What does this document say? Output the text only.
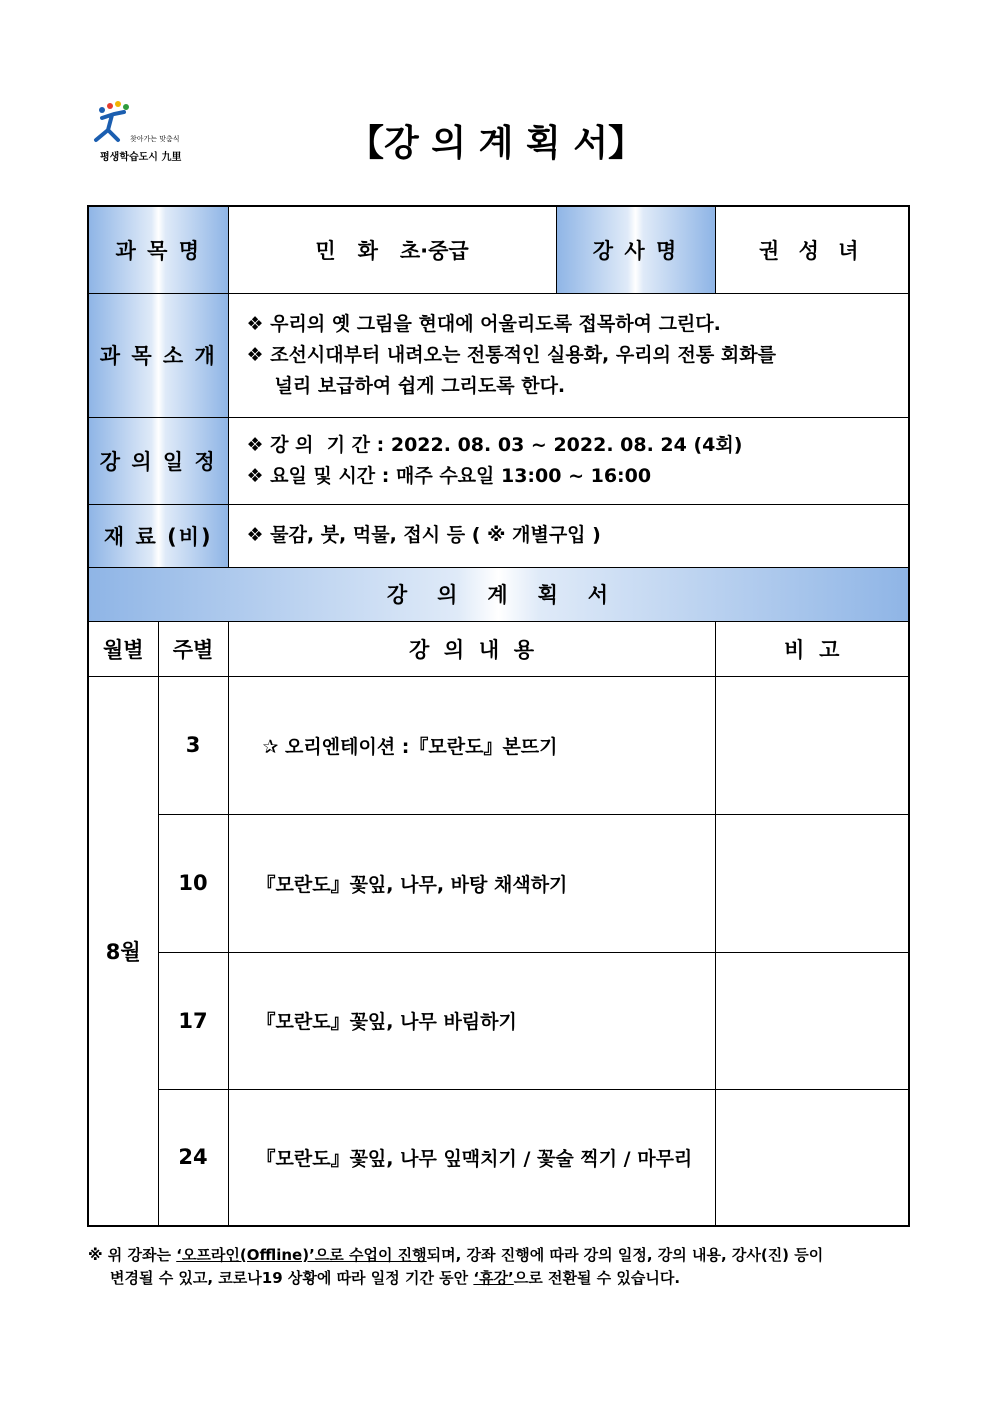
찾아가는 맞춤식
평생학습도시 九里	【강 의 계 획 서】
과 목 명		민   화   초·중급	강 사 명	권 성 녀
과 목 소 개		❖ 우리의 옛 그림을 현대에 어울리도록 접목하여 그린다.
❖ 조선시대부터 내려오는 전통적인 실용화, 우리의 전통 회화를
널리 보급하여 쉽게 그리도록 한다.		

강 의 일 정		❖ 강 의  기 간 : 2022. 08. 03 ~ 2022. 08. 24 (4회)
❖ 요일 및 시간 : 매주 수요일 13:00 ~ 16:00		

재 료 (비)		❖ 물감, 붓, 먹물, 접시 등 ( ※ 개별구입 )		
강   의   계   획   서				
월별	주별	강  의  내  용		비  고
8월	3	✰ 오리엔테이션 :『모란도』본뜨기		
	10	『모란도』꽃잎, 나무, 바탕 채색하기		
	17	『모란도』꽃잎, 나무 바림하기		
	24	『모란도』꽃잎, 나무 잎맥치기 / 꽃술 찍기 / 마무리		
※ 위 강좌는 ‘오프라인(Offline)’으로 수업이 진행되며, 강좌 진행에 따라 강의 일정, 강의 내용, 강사(진) 등이
변경될 수 있고, 코로나19 상황에 따라 일정 기간 동안 ‘휴강’으로 전환될 수 있습니다.
